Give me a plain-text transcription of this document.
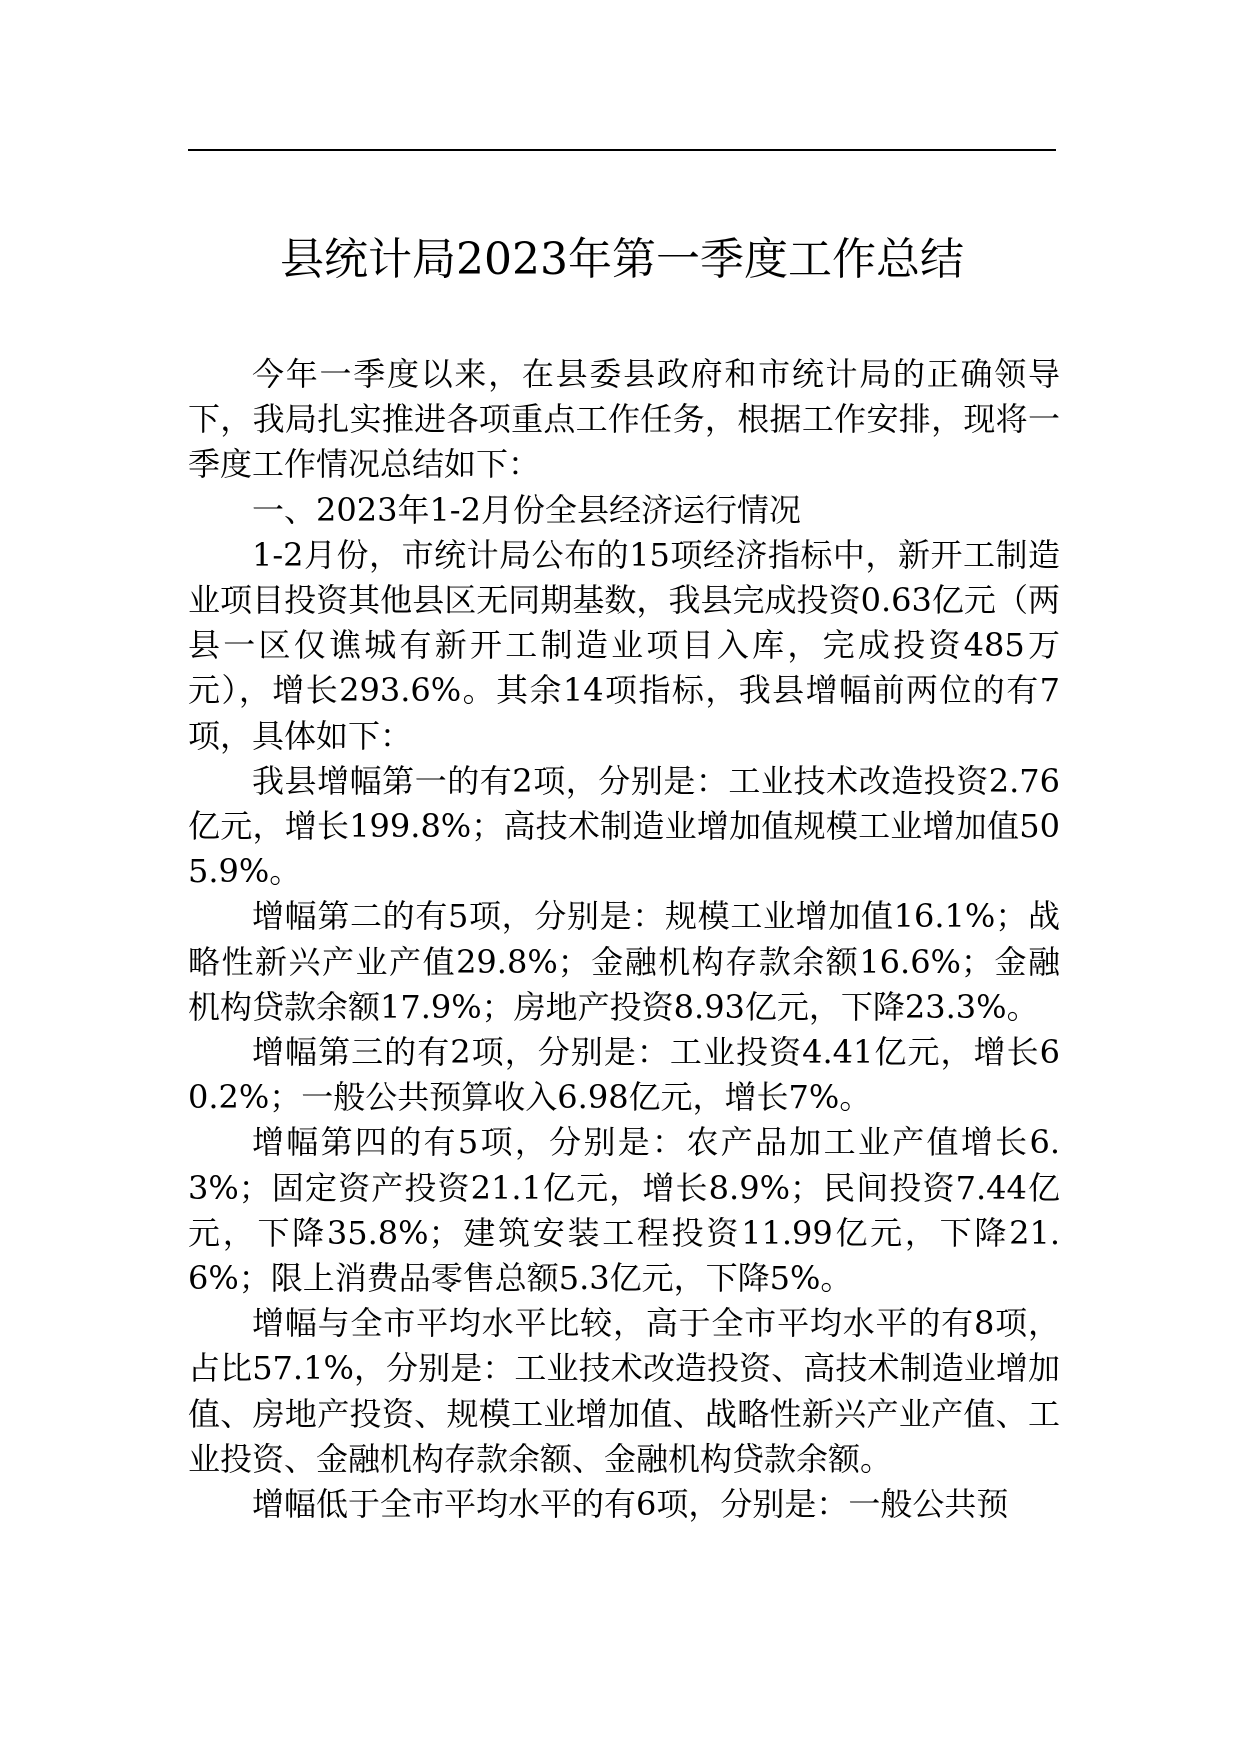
县统计局2023年第一季度工作总结

今年一季度以来，在县委县政府和市统计局的正确领导下，我局扎实推进各项重点工作任务，根据工作安排，现将一季度工作情况总结如下：

一、2023年1-2月份全县经济运行情况

1-2月份，市统计局公布的15项经济指标中，新开工制造业项目投资其他县区无同期基数，我县完成投资0.63亿元（两县一区仅谯城有新开工制造业项目入库，完成投资485万元），增长293.6%。其余14项指标，我县增幅前两位的有7项，具体如下：

我县增幅第一的有2项，分别是：工业技术改造投资2.76亿元，增长199.8%；高技术制造业增加值规模工业增加值505.9%。

增幅第二的有5项，分别是：规模工业增加值16.1%；战略性新兴产业产值29.8%；金融机构存款余额16.6%；金融机构贷款余额17.9%；房地产投资8.93亿元，下降23.3%。

增幅第三的有2项，分别是：工业投资4.41亿元，增长60.2%；一般公共预算收入6.98亿元，增长7%。

增幅第四的有5项，分别是：农产品加工业产值增长6.3%；固定资产投资21.1亿元，增长8.9%；民间投资7.44亿元，下降35.8%；建筑安装工程投资11.99亿元，下降21.6%；限上消费品零售总额5.3亿元，下降5%。

增幅与全市平均水平比较，高于全市平均水平的有8项，占比57.1%，分别是：工业技术改造投资、高技术制造业增加值、房地产投资、规模工业增加值、战略性新兴产业产值、工业投资、金融机构存款余额、金融机构贷款余额。

增幅低于全市平均水平的有6项，分别是：一般公共预
